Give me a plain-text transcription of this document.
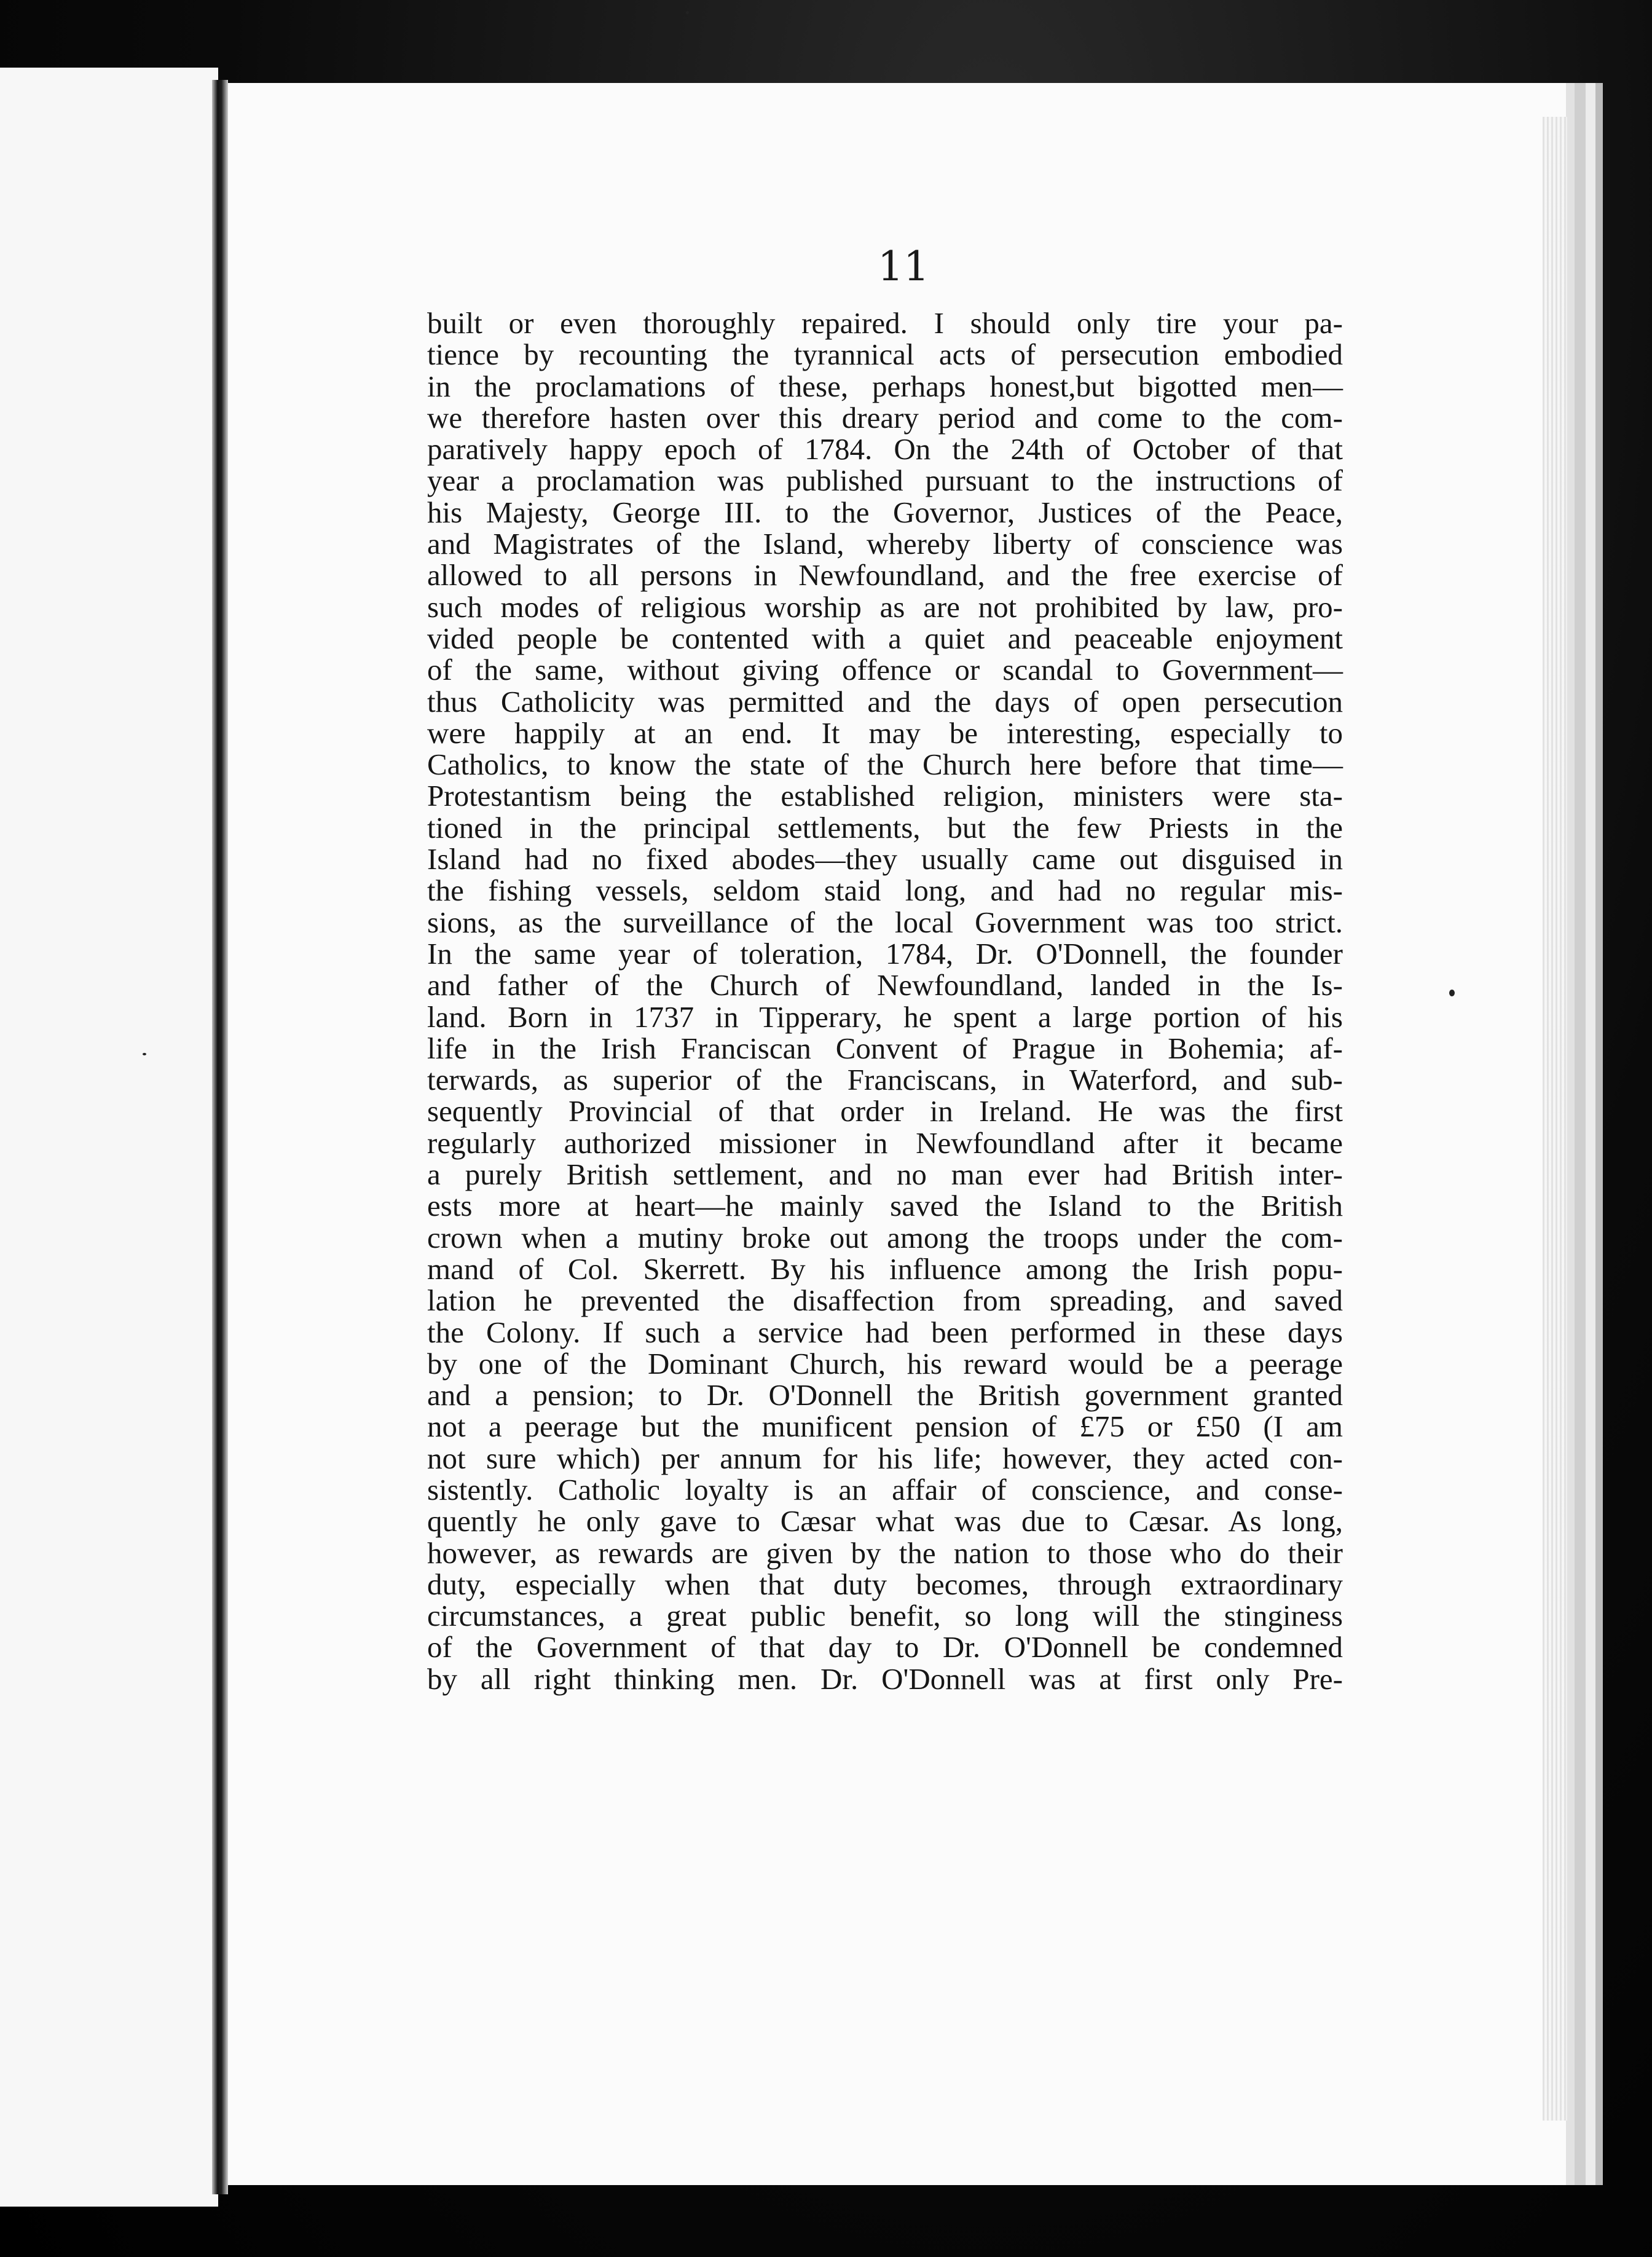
11
built or even thoroughly repaired. I should only tire your pa-
tience by recounting the tyrannical acts of persecution embodied
in the proclamations of these, perhaps honest,but bigotted men—
we therefore hasten over this dreary period and come to the com-
paratively happy epoch of 1784. On the 24th of October of that
year a proclamation was published pursuant to the instructions of
his Majesty, George III. to the Governor, Justices of the Peace,
and Magistrates of the Island, whereby liberty of conscience was
allowed to all persons in Newfoundland, and the free exercise of
such modes of religious worship as are not prohibited by law, pro-
vided people be contented with a quiet and peaceable enjoyment
of the same, without giving offence or scandal to Government—
thus Catholicity was permitted and the days of open persecution
were happily at an end. It may be interesting, especially to
Catholics, to know the state of the Church here before that time—
Protestantism being the established religion, ministers were sta-
tioned in the principal settlements, but the few Priests in the
Island had no fixed abodes—they usually came out disguised in
the fishing vessels, seldom staid long, and had no regular mis-
sions, as the surveillance of the local Government was too strict.
In the same year of toleration, 1784, Dr. O'Donnell, the founder
and father of the Church of Newfoundland, landed in the Is-
land. Born in 1737 in Tipperary, he spent a large portion of his
life in the Irish Franciscan Convent of Prague in Bohemia; af-
terwards, as superior of the Franciscans, in Waterford, and sub-
sequently Provincial of that order in Ireland. He was the first
regularly authorized missioner in Newfoundland after it became
a purely British settlement, and no man ever had British inter-
ests more at heart—he mainly saved the Island to the British
crown when a mutiny broke out among the troops under the com-
mand of Col. Skerrett. By his influence among the Irish popu-
lation he prevented the disaffection from spreading, and saved
the Colony. If such a service had been performed in these days
by one of the Dominant Church, his reward would be a peerage
and a pension; to Dr. O'Donnell the British government granted
not a peerage but the munificent pension of £75 or £50 (I am
not sure which) per annum for his life; however, they acted con-
sistently. Catholic loyalty is an affair of conscience, and conse-
quently he only gave to Cæsar what was due to Cæsar. As long,
however, as rewards are given by the nation to those who do their
duty, especially when that duty becomes, through extraordinary
circumstances, a great public benefit, so long will the stinginess
of the Government of that day to Dr. O'Donnell be condemned
by all right thinking men. Dr. O'Donnell was at first only Pre-
